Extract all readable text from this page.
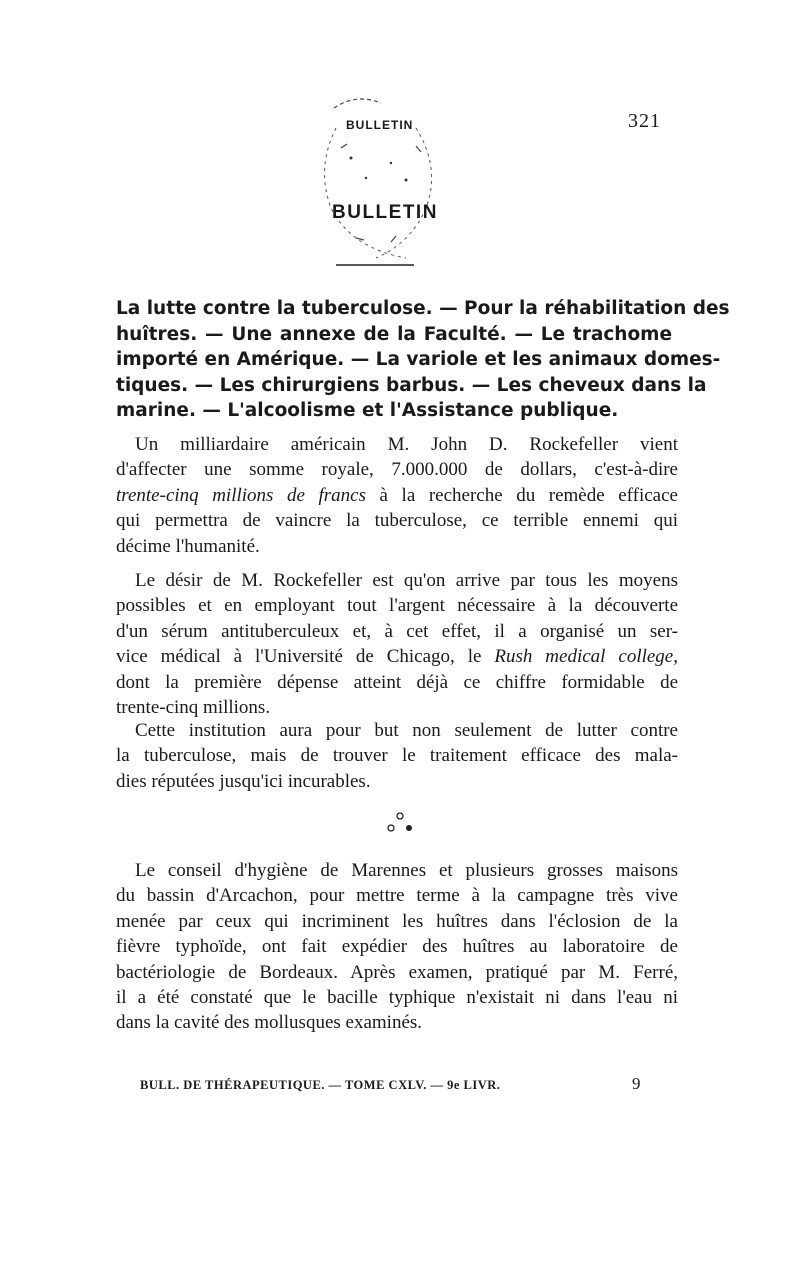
321
BULLETIN
BULLETIN
La lutte contre la tuberculose. — Pour la réhabilitation des
huîtres. — Une annexe de la Faculté. — Le trachome
importé en Amérique. — La variole et les animaux domes-
tiques. — Les chirurgiens barbus. — Les cheveux dans la
marine. — L'alcoolisme et l'Assistance publique.
Un milliardaire américain M. John D. Rockefeller vient
d'affecter une somme royale, 7.000.000 de dollars, c'est-à-dire
trente-cinq millions de francs à la recherche du remède efficace
qui permettra de vaincre la tuberculose, ce terrible ennemi qui
décime l'humanité.
Le désir de M. Rockefeller est qu'on arrive par tous les moyens
possibles et en employant tout l'argent nécessaire à la découverte
d'un sérum antituberculeux et, à cet effet, il a organisé un ser-
vice médical à l'Université de Chicago, le Rush medical college,
dont la première dépense atteint déjà ce chiffre formidable de
trente-cinq millions.
Cette institution aura pour but non seulement de lutter contre
la tuberculose, mais de trouver le traitement efficace des mala-
dies réputées jusqu'ici incurables.
Le conseil d'hygiène de Marennes et plusieurs grosses maisons
du bassin d'Arcachon, pour mettre terme à la campagne très vive
menée par ceux qui incriminent les huîtres dans l'éclosion de la
fièvre typhoïde, ont fait expédier des huîtres au laboratoire de
bactériologie de Bordeaux. Après examen, pratiqué par M. Ferré,
il a été constaté que le bacille typhique n'existait ni dans l'eau ni
dans la cavité des mollusques examinés.
BULL. DE THÉRAPEUTIQUE. — TOME CXLV. — 9e LIVR.	9
